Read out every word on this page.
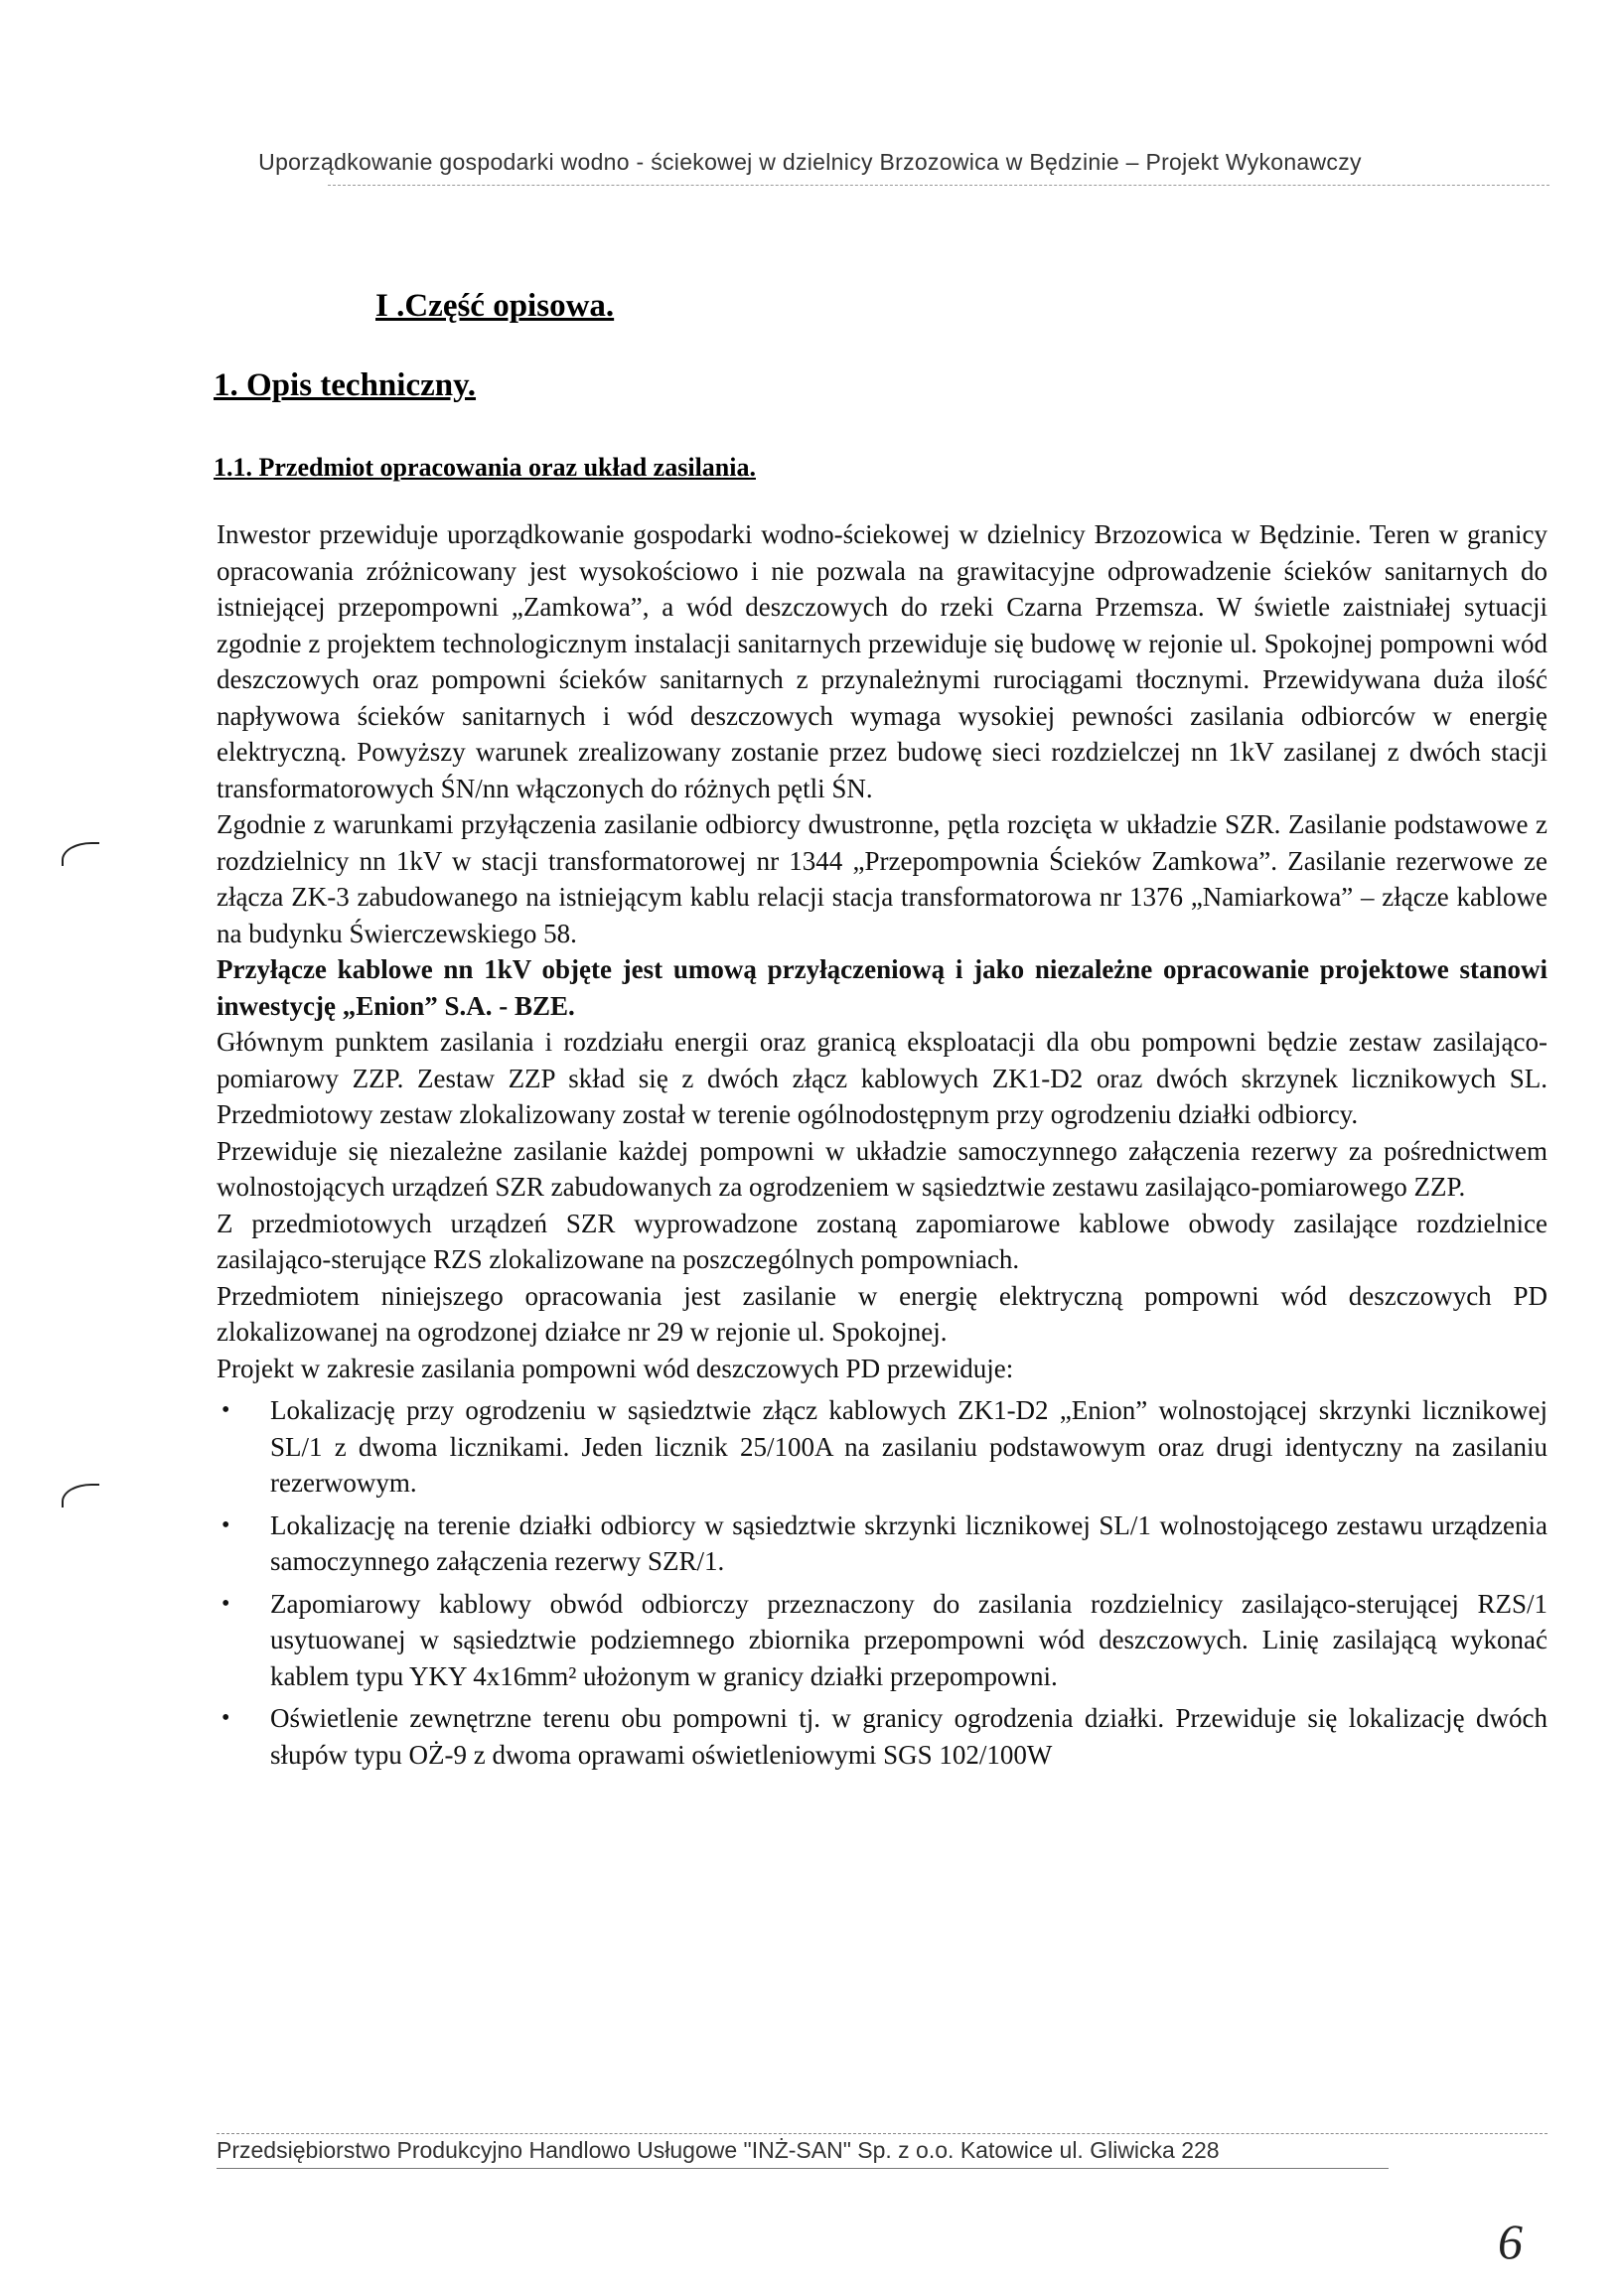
Uporządkowanie gospodarki wodno - ściekowej w dzielnicy Brzozowica w Będzinie – Projekt Wykonawczy
I .Część opisowa.
1. Opis techniczny.
1.1. Przedmiot opracowania oraz układ zasilania.

Inwestor przewiduje uporządkowanie gospodarki wodno-ściekowej w dzielnicy Brzozowica w Będzinie. Teren w granicy opracowania zróżnicowany jest wysokościowo i nie pozwala na grawitacyjne odprowadzenie ścieków sanitarnych do istniejącej przepompowni „Zamkowa”, a wód deszczowych do rzeki Czarna Przemsza. W świetle zaistniałej sytuacji zgodnie z projektem technologicznym instalacji sanitarnych przewiduje się budowę w rejonie ul. Spokojnej pompowni wód deszczowych oraz pompowni ścieków sanitarnych z przynależnymi rurociągami tłocznymi. Przewidywana duża ilość napływowa ścieków sanitarnych i wód deszczowych wymaga wysokiej pewności zasilania odbiorców w energię elektryczną. Powyższy warunek zrealizowany zostanie przez budowę sieci rozdzielczej nn 1kV zasilanej z dwóch stacji transformatorowych ŚN/nn włączonych do różnych pętli ŚN.

Zgodnie z warunkami przyłączenia zasilanie odbiorcy dwustronne, pętla rozcięta w układzie SZR. Zasilanie podstawowe z rozdzielnicy nn 1kV w stacji transformatorowej nr 1344 „Przepompownia Ścieków Zamkowa”. Zasilanie rezerwowe ze złącza ZK-3 zabudowanego na istniejącym kablu relacji stacja transformatorowa nr 1376 „Namiarkowa” – złącze kablowe na budynku Świerczewskiego 58.

Przyłącze kablowe nn 1kV objęte jest umową przyłączeniową i jako niezależne opracowanie projektowe stanowi inwestycję „Enion” S.A. - BZE.

Głównym punktem zasilania i rozdziału energii oraz granicą eksploatacji dla obu pompowni będzie zestaw zasilająco-pomiarowy ZZP. Zestaw ZZP skład się z dwóch złącz kablowych ZK1-D2 oraz dwóch skrzynek licznikowych SL. Przedmiotowy zestaw zlokalizowany został w terenie ogólnodostępnym przy ogrodzeniu działki odbiorcy.

Przewiduje się niezależne zasilanie każdej pompowni w układzie samoczynnego załączenia rezerwy za pośrednictwem wolnostojących urządzeń SZR zabudowanych za ogrodzeniem w sąsiedztwie zestawu zasilająco-pomiarowego ZZP.

Z przedmiotowych urządzeń SZR wyprowadzone zostaną zapomiarowe kablowe obwody zasilające rozdzielnice zasilająco-sterujące RZS zlokalizowane na poszczególnych pompowniach.

Przedmiotem niniejszego opracowania jest zasilanie w energię elektryczną pompowni wód deszczowych PD zlokalizowanej na ogrodzonej działce nr 29 w rejonie ul. Spokojnej.

Projekt w zakresie zasilania pompowni wód deszczowych PD przewiduje:

• Lokalizację przy ogrodzeniu w sąsiedztwie złącz kablowych ZK1-D2 „Enion” wolnostojącej skrzynki licznikowej SL/1 z dwoma licznikami. Jeden licznik 25/100A na zasilaniu podstawowym oraz drugi identyczny na zasilaniu rezerwowym.
• Lokalizację na terenie działki odbiorcy w sąsiedztwie skrzynki licznikowej SL/1 wolnostojącego zestawu urządzenia samoczynnego załączenia rezerwy SZR/1.
• Zapomiarowy kablowy obwód odbiorczy przeznaczony do zasilania rozdzielnicy zasilająco-sterującej RZS/1 usytuowanej w sąsiedztwie podziemnego zbiornika przepompowni wód deszczowych. Linię zasilającą wykonać kablem typu YKY 4x16mm² ułożonym w granicy działki przepompowni.
• Oświetlenie zewnętrzne terenu obu pompowni tj. w granicy ogrodzenia działki. Przewiduje się lokalizację dwóch słupów typu OŻ-9 z dwoma oprawami oświetleniowymi SGS 102/100W
Przedsiębiorstwo Produkcyjno Handlowo Usługowe "INŻ-SAN" Sp. z o.o. Katowice ul. Gliwicka 228
6
